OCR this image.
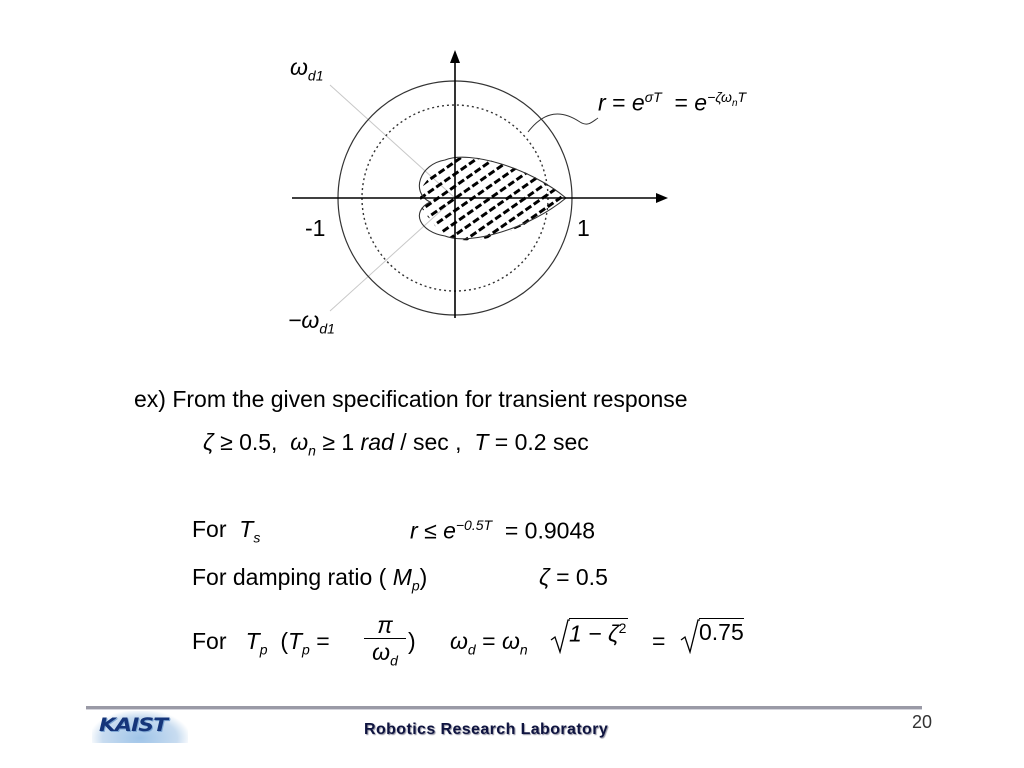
$\omega_{d1}$
$-\omega_{d1}$
-1	1
$r = e^{\sigma T} = e^{-\zeta\omega_nT}$
ex) From the given specification for transient response
ζ ≥ 0.5, $\omega_n \ge 1$ rad / sec , T = 0.2 sec
For $T_s$	$r \le e^{-0.5T} = 0.9048$
For damping ratio ( $M_p$)	ζ = 0.5
For $T_p$ ($T_p$ =
π
$\omega_d$
) $\omega_d = \omega_n$
$1 - \zeta^2 = 0.75$
KAIST	Robotics Research Laboratory	20
